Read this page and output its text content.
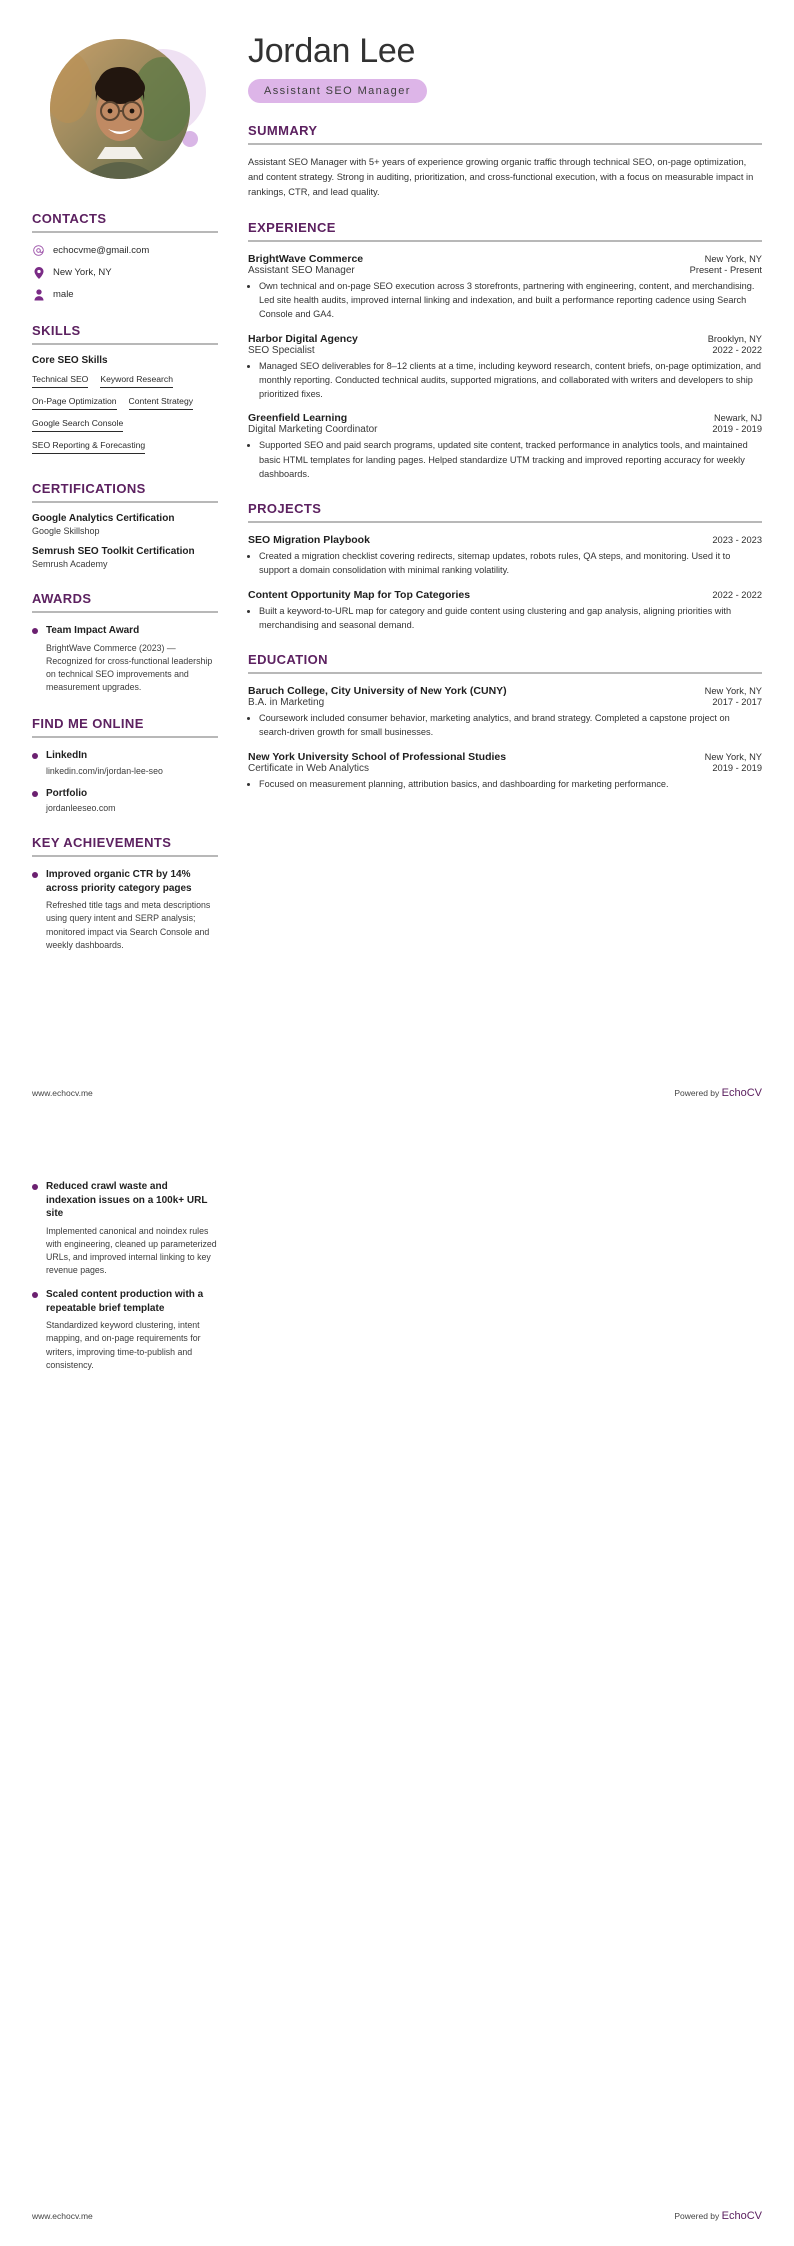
CONTACTS
echocvme@gmail.com
New York, NY
male
SKILLS
Core SEO Skills
Technical SEO Keyword Research
On-Page Optimization Content Strategy
Google Search Console
SEO Reporting & Forecasting
CERTIFICATIONS
Google Analytics Certification
Google Skillshop
Semrush SEO Toolkit Certification
Semrush Academy
AWARDS
Team Impact Award
BrightWave Commerce (2023) — Recognized for cross-functional leadership on technical SEO improvements and measurement upgrades.
FIND ME ONLINE
LinkedIn
linkedin.com/in/jordan-lee-seo
Portfolio
jordanleeseo.com
KEY ACHIEVEMENTS
Improved organic CTR by 14% across priority category pages
Refreshed title tags and meta descriptions using query intent and SERP analysis; monitored impact via Search Console and weekly dashboards.
Jordan Lee
Assistant SEO Manager
SUMMARY
Assistant SEO Manager with 5+ years of experience growing organic traffic through technical SEO, on-page optimization, and content strategy. Strong in auditing, prioritization, and cross-functional execution, with a focus on measurable impact in rankings, CTR, and lead quality.
EXPERIENCE
BrightWave Commerce	New York, NY
Assistant SEO Manager	Present - Present
• Own technical and on-page SEO execution across 3 storefronts, partnering with engineering, content, and merchandising. Led site health audits, improved internal linking and indexation, and built a performance reporting cadence using Search Console and GA4.
Harbor Digital Agency	Brooklyn, NY
SEO Specialist	2022 - 2022
• Managed SEO deliverables for 8–12 clients at a time, including keyword research, content briefs, on-page optimization, and monthly reporting. Conducted technical audits, supported migrations, and collaborated with writers and developers to ship prioritized fixes.
Greenfield Learning	Newark, NJ
Digital Marketing Coordinator	2019 - 2019
• Supported SEO and paid search programs, updated site content, tracked performance in analytics tools, and maintained basic HTML templates for landing pages. Helped standardize UTM tracking and improved reporting accuracy for weekly dashboards.
PROJECTS
SEO Migration Playbook	2023 - 2023
• Created a migration checklist covering redirects, sitemap updates, robots rules, QA steps, and monitoring. Used it to support a domain consolidation with minimal ranking volatility.
Content Opportunity Map for Top Categories	2022 - 2022
• Built a keyword-to-URL map for category and guide content using clustering and gap analysis, aligning priorities with merchandising and seasonal demand.
EDUCATION
Baruch College, City University of New York (CUNY)	New York, NY
B.A. in Marketing	2017 - 2017
• Coursework included consumer behavior, marketing analytics, and brand strategy. Completed a capstone project on search-driven growth for small businesses.
New York University School of Professional Studies	New York, NY
Certificate in Web Analytics	2019 - 2019
• Focused on measurement planning, attribution basics, and dashboarding for marketing performance.
www.echocv.me	Powered by EchoCV
Reduced crawl waste and indexation issues on a 100k+ URL site
Implemented canonical and noindex rules with engineering, cleaned up parameterized URLs, and improved internal linking to key revenue pages.
Scaled content production with a repeatable brief template
Standardized keyword clustering, intent mapping, and on-page requirements for writers, improving time-to-publish and consistency.
www.echocv.me	Powered by EchoCV
